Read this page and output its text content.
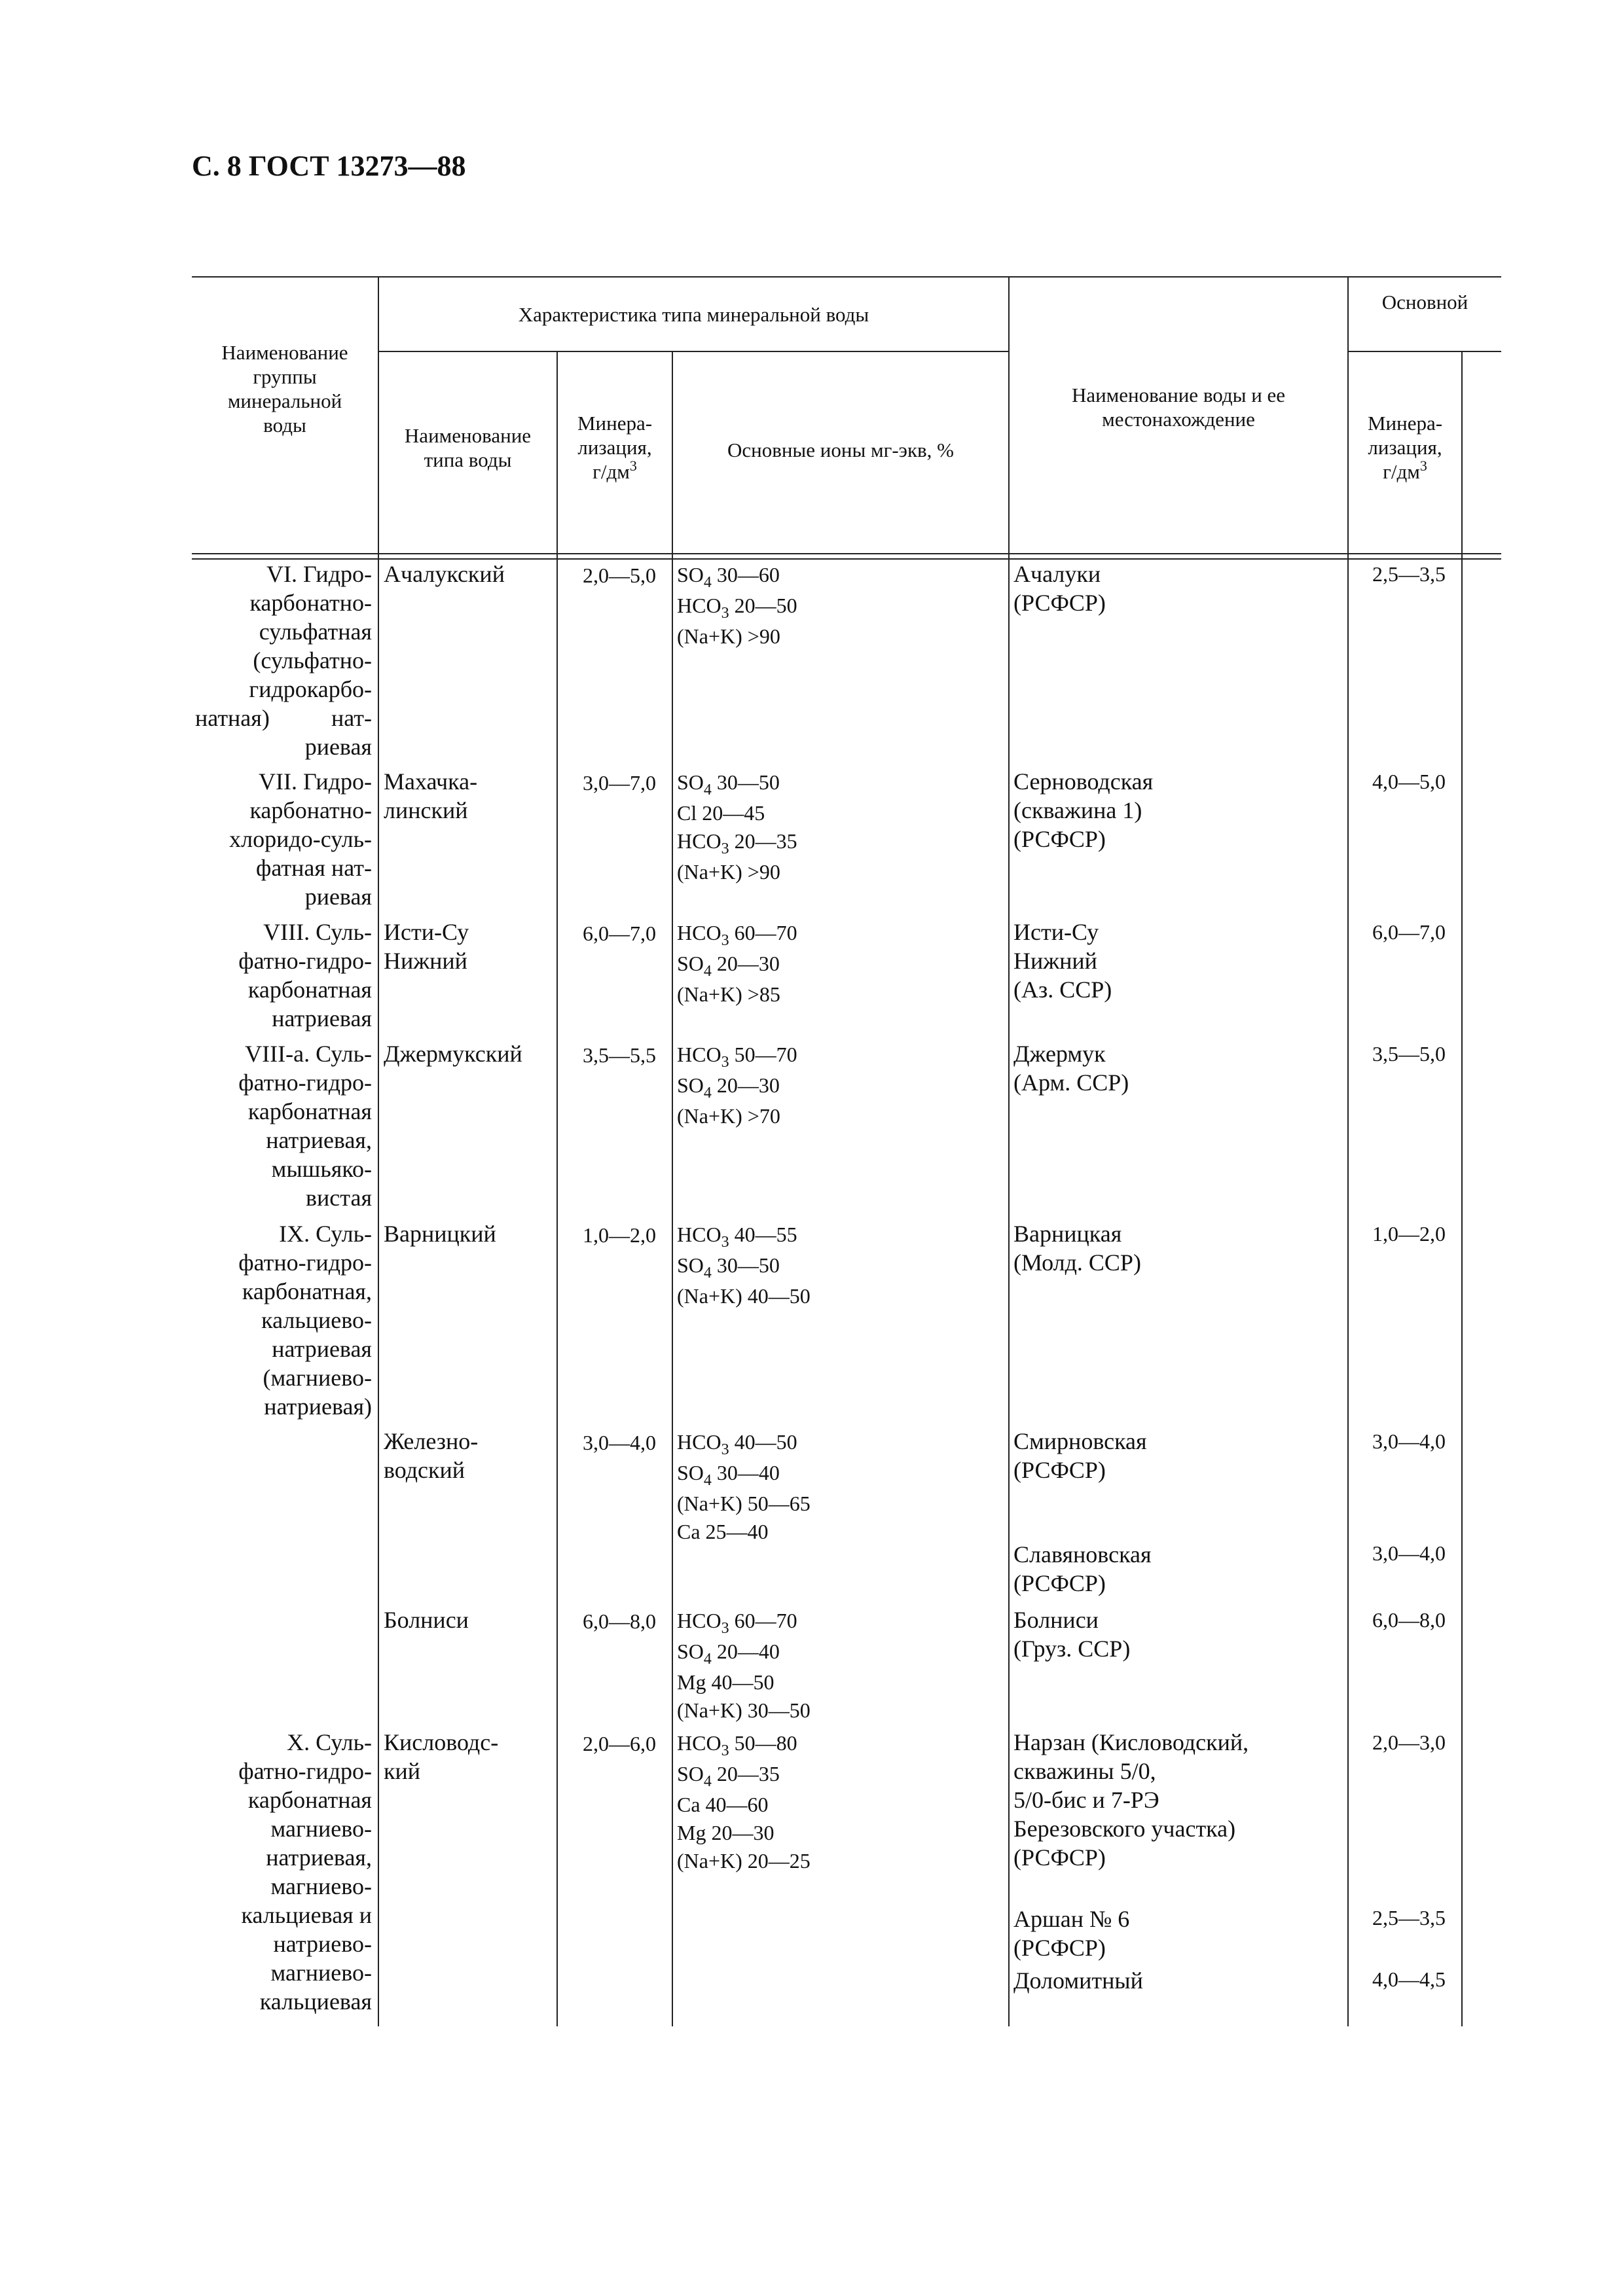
С. 8 ГОСТ 13273—88
Наименование
группы
минеральной
воды
Характеристика типа минеральной воды
Наименование
типа воды
Минера-
лизация,
$г/дм^3$
Основные ионы мг-экв, %
Наименование воды и ее
местонахождение
Основной
Минера-
лизация,
$г/дм^3$
VI. Гидро-
карбонатно-
сульфатная
(сульфатно-
гидрокарбо-
натная) нат-
риевая
VII. Гидро-
карбонатно-
хлоридо-суль-
фатная нат-
риевая
VIII. Суль-
фатно-гидро-
карбонатная
натриевая
VIII-а. Суль-
фатно-гидро-
карбонатная
натриевая,
мышьяко-
вистая
IX. Суль-
фатно-гидро-
карбонатная,
кальциево-
натриевая
(магниево-
натриевая)
X. Суль-
фатно-гидро-
карбонатная
магниево-
натриевая,
магниево-
кальциевая и
натриево-
магниево-
кальциевая
Ачалукский
Махачка-
линский
Исти-Су
Нижний
Джермукский
Варницкий
Железно-
водский
Болниси
Кисловодс-
кий
2,0—5,0
3,0—7,0
6,0—7,0
3,5—5,5
1,0—2,0
3,0—4,0
6,0—8,0
2,0—6,0
$SO_4$ 30—60
$HCO_3$ 20—50
(Na+K) >90
$SO_4$ 30—50
Cl 20—45
$HCO_3$ 20—35
(Na+K) >90
$HCO_3$ 60—70
$SO_4$ 20—30
(Na+K) >85
$HCO_3$ 50—70
$SO_4$ 20—30
(Na+K) >70
$HCO_3$ 40—55
$SO_4$ 30—50
(Na+K) 40—50
$HCO_3$ 40—50
$SO_4$ 30—40
(Na+K) 50—65
Ca 25—40
$HCO_3$ 60—70
$SO_4$ 20—40
Mg 40—50
(Na+K) 30—50
$HCO_3$ 50—80
$SO_4$ 20—35
Ca 40—60
Mg 20—30
(Na+K) 20—25
Ачалуки
(РСФСР)
Серноводская
(скважина 1)
(РСФСР)
Исти-Су
Нижний
(Аз. ССР)
Джермук
(Арм. ССР)
Варницкая
(Молд. ССР)
Смирновская
(РСФСР)
Славяновская
(РСФСР)
Болниси
(Груз. ССР)
Нарзан (Кисловодский,
скважины 5/0,
5/0-бис и 7-РЭ
Березовского участка)
(РСФСР)
Аршан № 6
(РСФСР)
Доломитный
2,5—3,5
4,0—5,0
6,0—7,0
3,5—5,0
1,0—2,0
3,0—4,0
3,0—4,0
6,0—8,0
2,0—3,0
2,5—3,5
4,0—4,5
